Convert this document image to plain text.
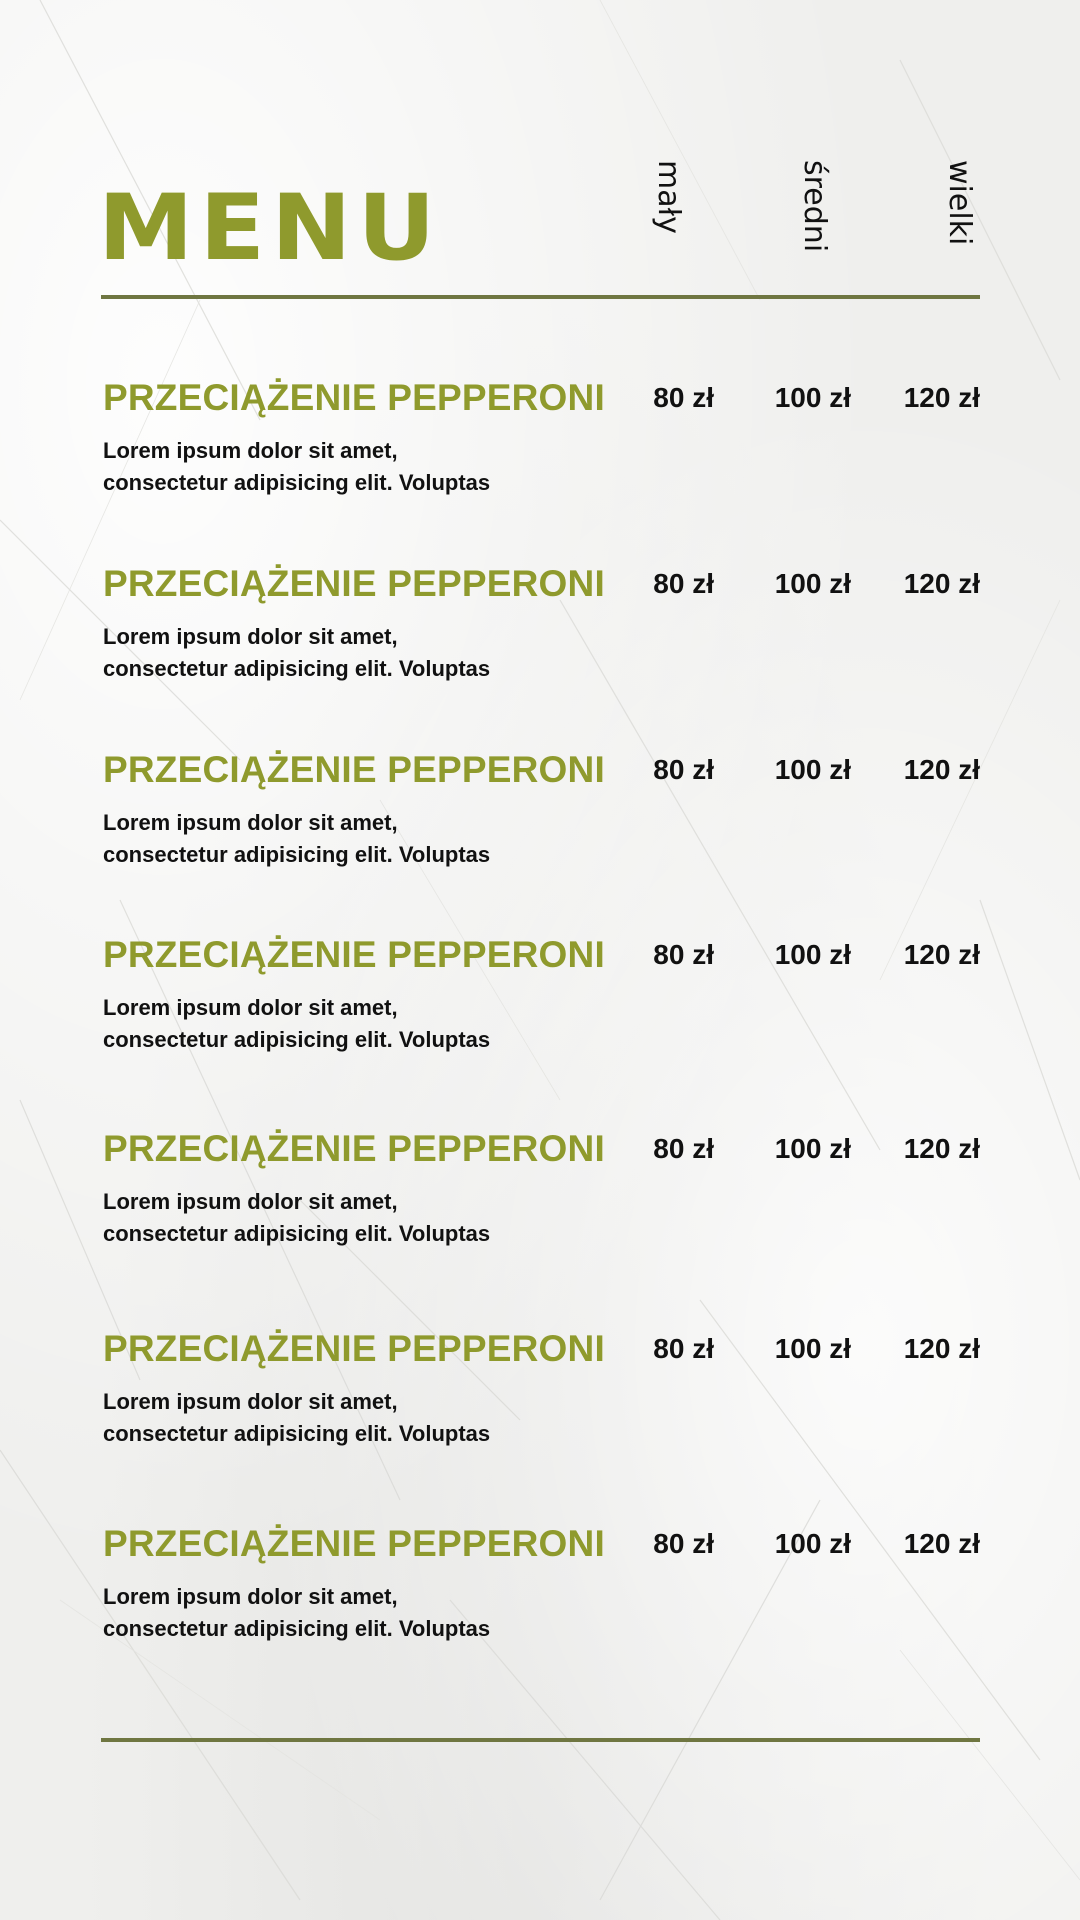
MENU	mały	średni	wielki
PRZECIĄŻENIE PEPPERONI
Lorem ipsum dolor sit amet,
consectetur adipisicing elit. Voluptas
80 zł	100 zł	120 zł
PRZECIĄŻENIE PEPPERONI
Lorem ipsum dolor sit amet,
consectetur adipisicing elit. Voluptas
80 zł	100 zł	120 zł
PRZECIĄŻENIE PEPPERONI
Lorem ipsum dolor sit amet,
consectetur adipisicing elit. Voluptas
80 zł	100 zł	120 zł
PRZECIĄŻENIE PEPPERONI
Lorem ipsum dolor sit amet,
consectetur adipisicing elit. Voluptas
80 zł	100 zł	120 zł
PRZECIĄŻENIE PEPPERONI
Lorem ipsum dolor sit amet,
consectetur adipisicing elit. Voluptas
80 zł	100 zł	120 zł
PRZECIĄŻENIE PEPPERONI
Lorem ipsum dolor sit amet,
consectetur adipisicing elit. Voluptas
80 zł	100 zł	120 zł
PRZECIĄŻENIE PEPPERONI
Lorem ipsum dolor sit amet,
consectetur adipisicing elit. Voluptas
80 zł	100 zł	120 zł
